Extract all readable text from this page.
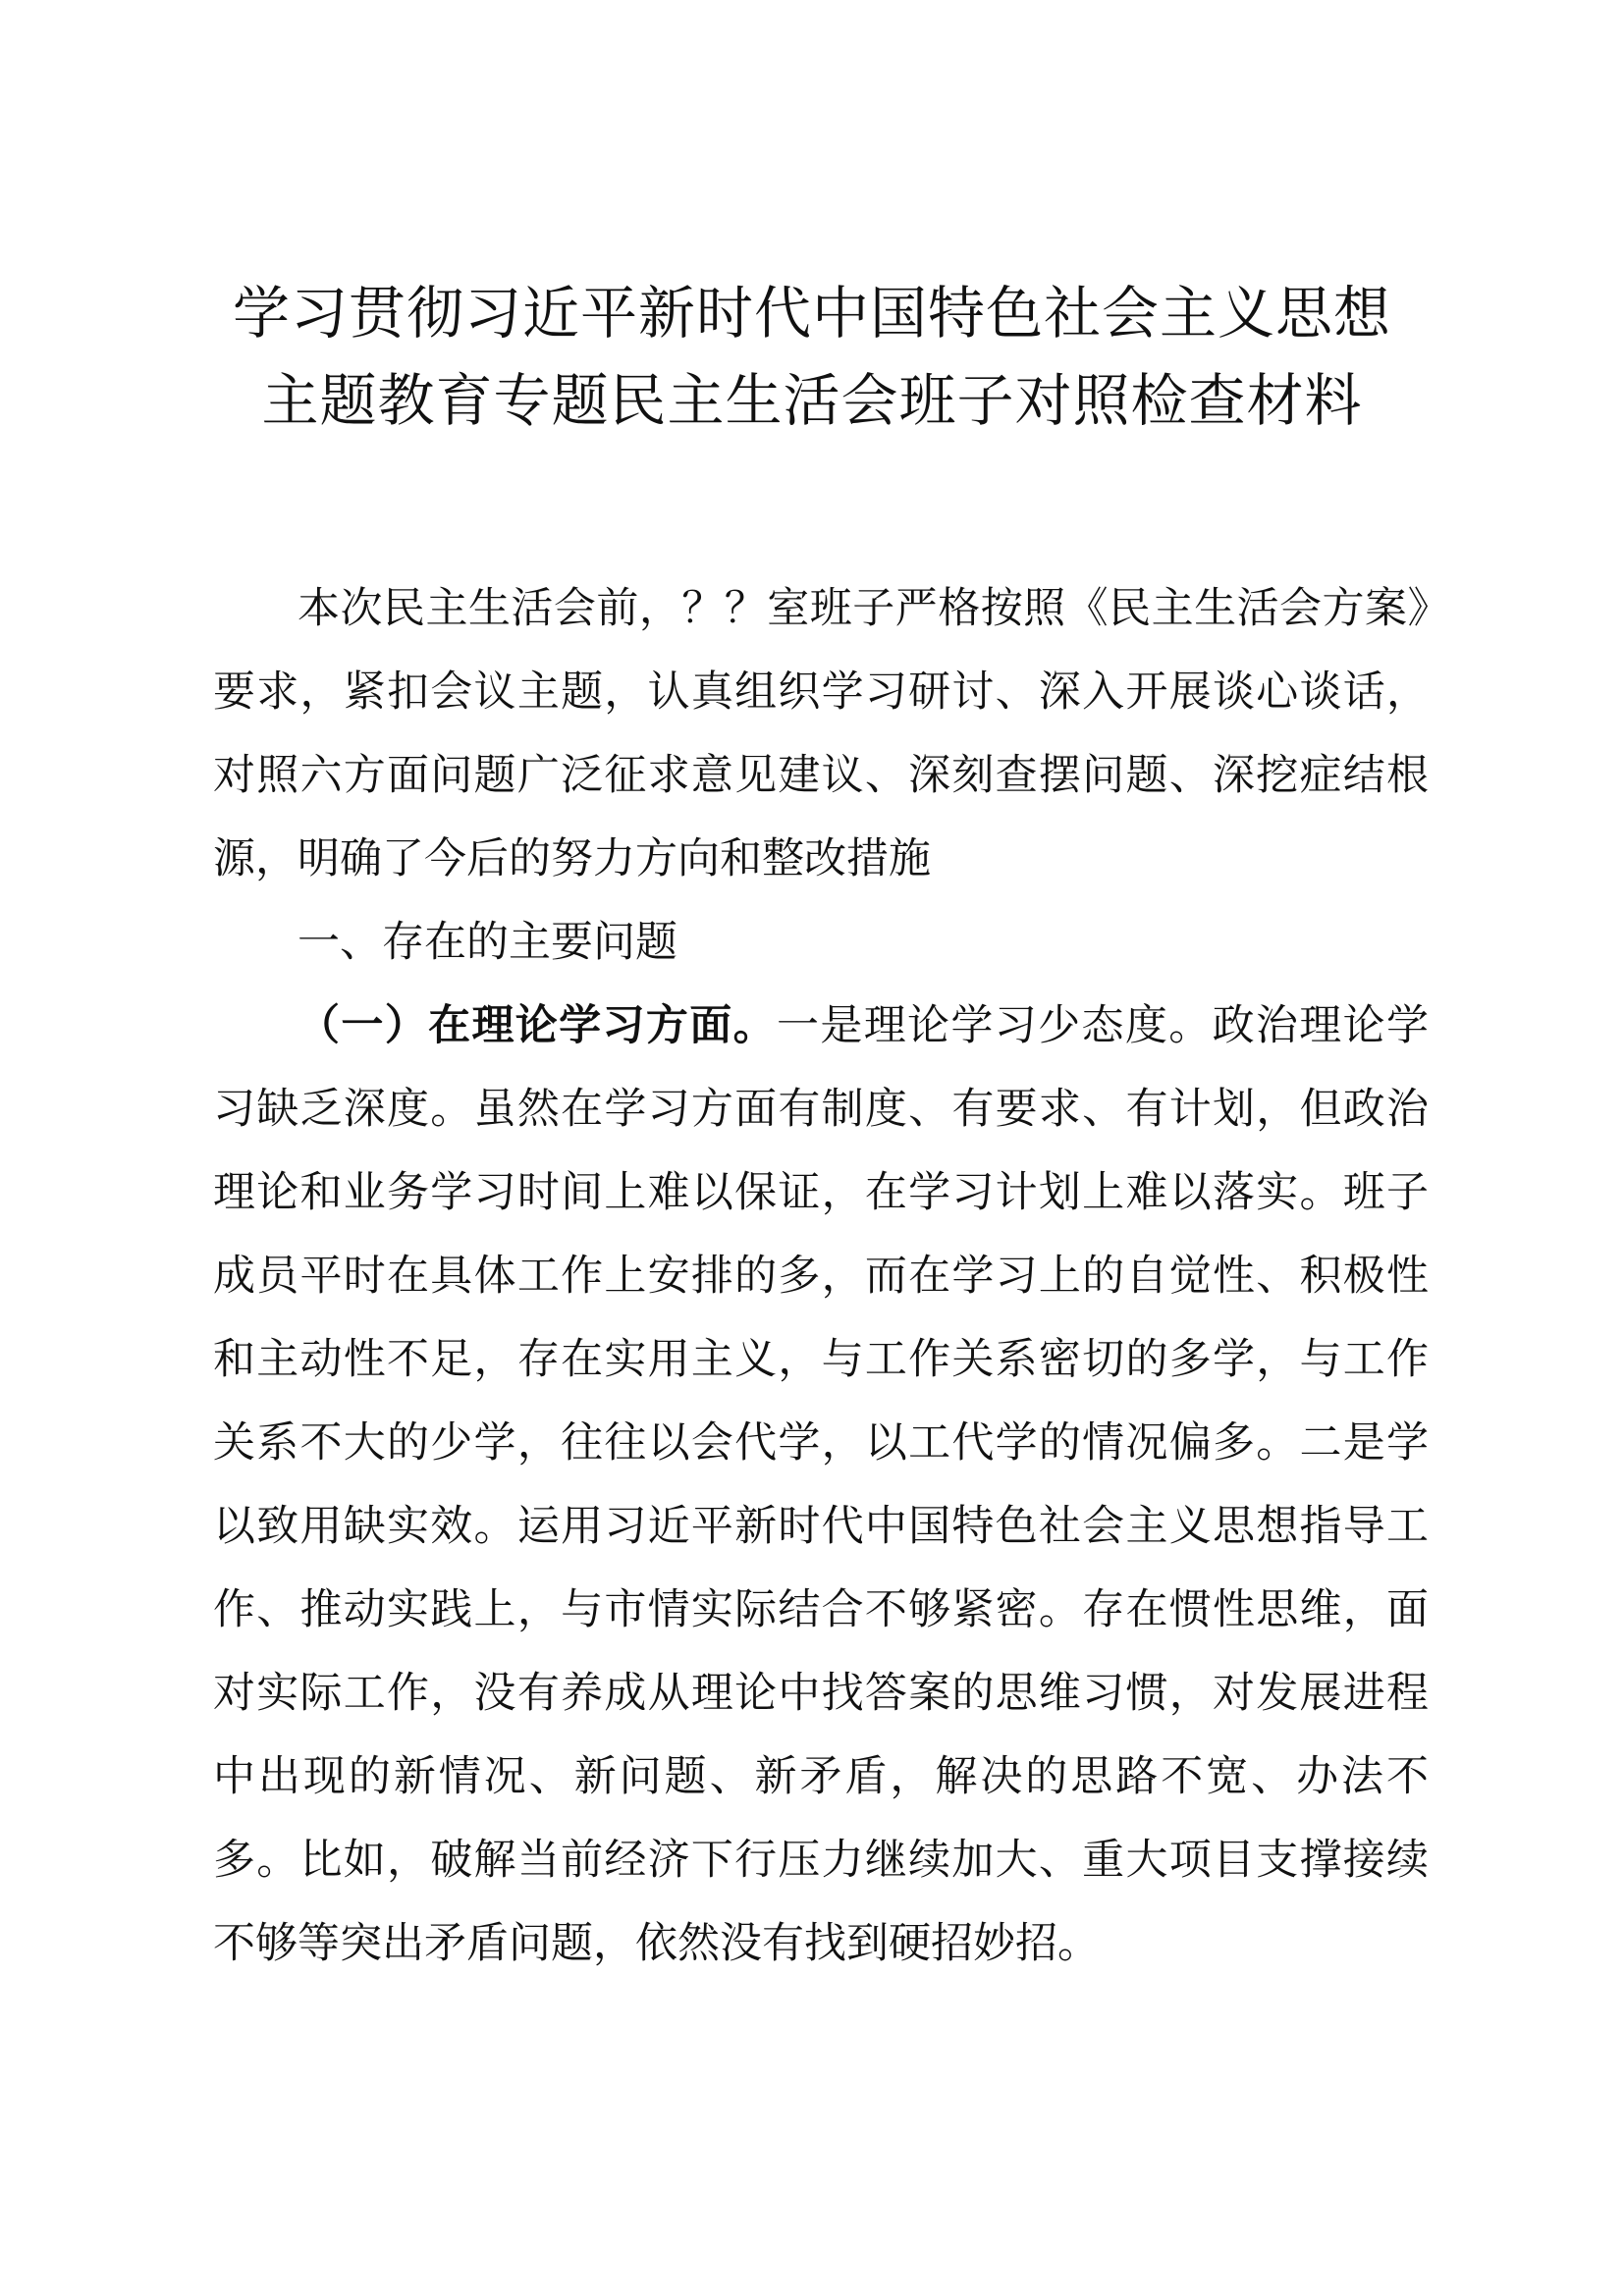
学习贯彻习近平新时代中国特色社会主义思想
主题教育专题民主生活会班子对照检查材料

本次民主生活会前，？？室班子严格按照《民主生活会方案》要求，紧扣会议主题，认真组织学习研讨、深入开展谈心谈话，对照六方面问题广泛征求意见建议、深刻查摆问题、深挖症结根源，明确了今后的努力方向和整改措施

一、存在的主要问题

（一）在理论学习方面。一是理论学习少态度。政治理论学习缺乏深度。虽然在学习方面有制度、有要求、有计划，但政治理论和业务学习时间上难以保证，在学习计划上难以落实。班子成员平时在具体工作上安排的多，而在学习上的自觉性、积极性和主动性不足，存在实用主义，与工作关系密切的多学，与工作关系不大的少学，往往以会代学，以工代学的情况偏多。二是学以致用缺实效。运用习近平新时代中国特色社会主义思想指导工作、推动实践上，与市情实际结合不够紧密。存在惯性思维，面对实际工作，没有养成从理论中找答案的思维习惯，对发展进程中出现的新情况、新问题、新矛盾，解决的思路不宽、办法不多。比如，破解当前经济下行压力继续加大、重大项目支撑接续不够等突出矛盾问题，依然没有找到硬招妙招。
